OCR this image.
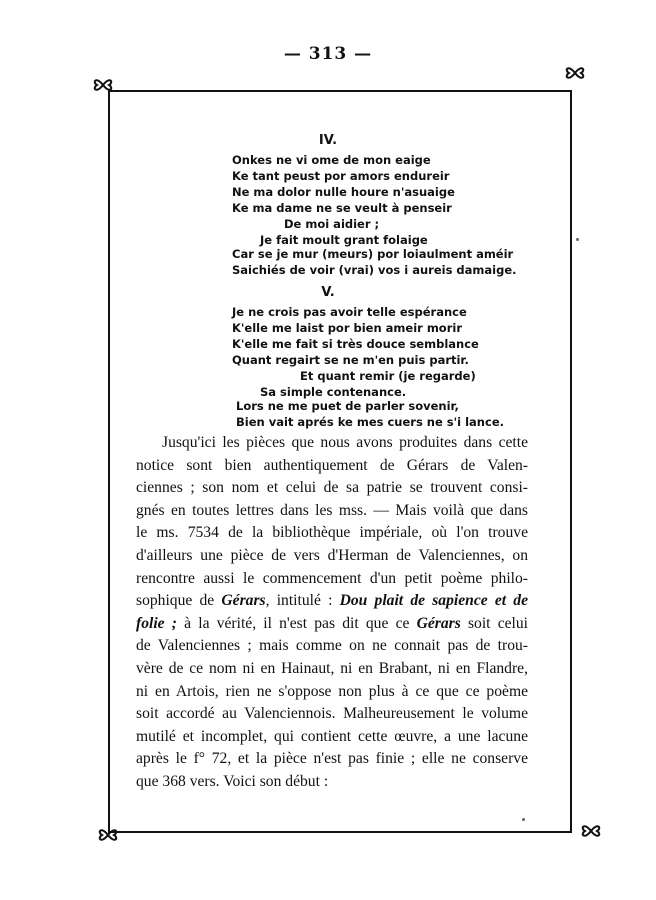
— 313 —
IV.
Onkes ne vi ome de mon eaige
Ke tant peust por amors endureir
Ne ma dolor nulle houre n'asuaige
Ke ma dame ne se veult à penseir
De moi aidier ;
Je fait moult grant folaige
Car se je mur (meurs) por loiaulment améir
Saichiés de voir (vrai) vos i aureis damaige.
V.
Je ne crois pas avoir telle espérance
K'elle me laist por bien ameir morir
K'elle me fait si très douce semblance
Quant regairt se ne m'en puis partir.
Et quant remir (je regarde)
Sa simple contenance.
Lors ne me puet de parler sovenir,
Bien vait aprés ke mes cuers ne s'i lance.
Jusqu'ici les pièces que nous avons produites dans cette
notice sont bien authentiquement de Gérars de Valen-
ciennes ; son nom et celui de sa patrie se trouvent consi-
gnés en toutes lettres dans les mss. — Mais voilà que dans
le ms. 7534 de la bibliothèque impériale, où l'on trouve
d'ailleurs une pièce de vers d'Herman de Valenciennes, on
rencontre aussi le commencement d'un petit poème philo-
sophique de Gérars, intitulé : Dou plait de sapience et de
folie ; à la vérité, il n'est pas dit que ce Gérars soit celui
de Valenciennes ; mais comme on ne connait pas de trou-
vère de ce nom ni en Hainaut, ni en Brabant, ni en Flandre,
ni en Artois, rien ne s'oppose non plus à ce que ce poème
soit accordé au Valenciennois. Malheureusement le volume
mutilé et incomplet, qui contient cette œuvre, a une lacune
après le f° 72, et la pièce n'est pas finie ; elle ne conserve
que 368 vers. Voici son début :
